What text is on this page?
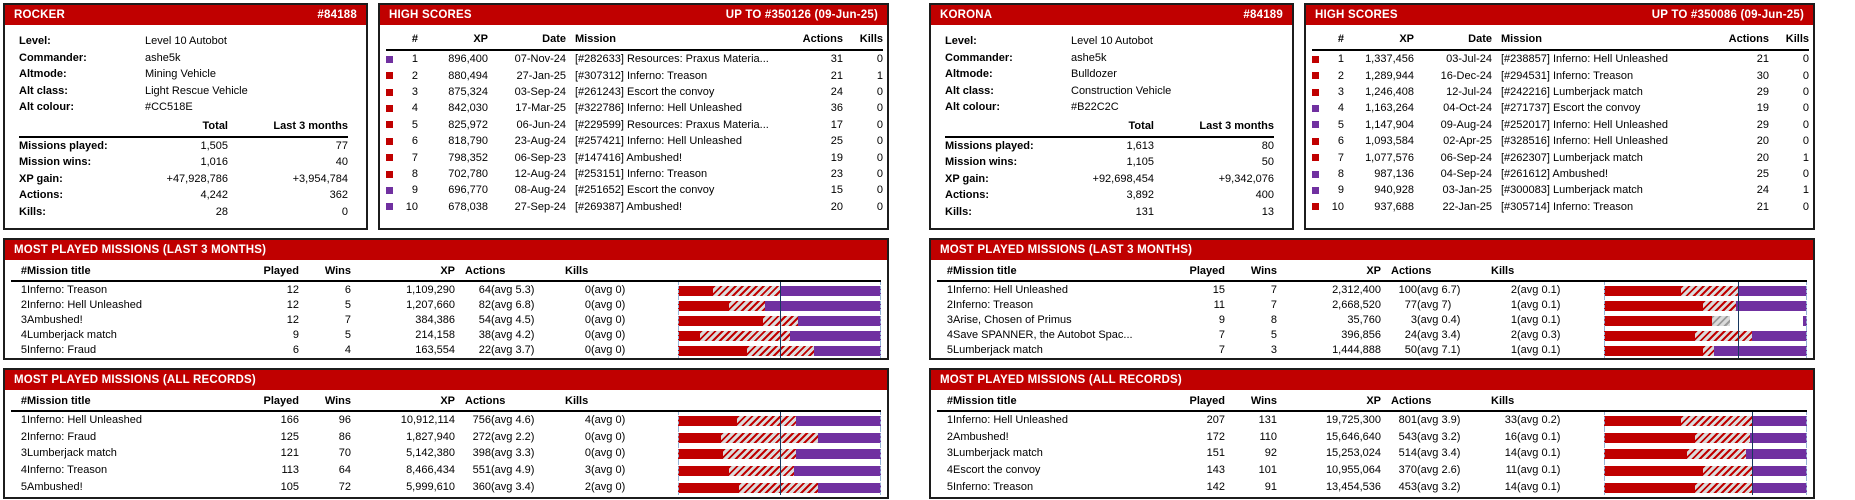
ROCKER	#84188
Level:	Level 10 Autobot
Commander:	ashe5k
Altmode:	Mining Vehicle
Alt class:	Light Rescue Vehicle
Alt colour:	#CC518E
Total	Last 3 months
Missions played:	1,505	77
Mission wins:	1,016	40
XP gain:	+47,928,786	+3,954,784
Actions:	4,242	362
Kills:	28	0
HIGH SCORES	UP TO #350126 (09-Jun-25)
	#	XP	Date	Mission	Actions	Kills
	1	896,400	07-Nov-24	[#282633] Resources: Praxus Materia...	31	0
	2	880,494	27-Jan-25	[#307312] Inferno: Treason	21	1
	3	875,324	03-Sep-24	[#261243] Escort the convoy	24	0
	4	842,030	17-Mar-25	[#322786] Inferno: Hell Unleashed	36	0
	5	825,972	06-Jun-24	[#229599] Resources: Praxus Materia...	17	0
	6	818,790	23-Aug-24	[#257421] Inferno: Hell Unleashed	25	0
	7	798,352	06-Sep-23	[#147416] Ambushed!	19	0
	8	702,780	12-Aug-24	[#253151] Inferno: Treason	23	0
	9	696,770	08-Aug-24	[#251652] Escort the convoy	15	0
	10	678,038	27-Sep-24	[#269387] Ambushed!	20	0
MOST PLAYED MISSIONS (LAST 3 MONTHS)
#	Mission title	Played	Wins	XP	Actions		Kills		
1	Inferno: Treason	12	6	1,109,290	64	(avg 5.3)	0	(avg 0)	

2	Inferno: Hell Unleashed	12	5	1,207,660	82	(avg 6.8)	0	(avg 0)	

3	Ambushed!	12	7	384,386	54	(avg 4.5)	0	(avg 0)	

4	Lumberjack match	9	5	214,158	38	(avg 4.2)	0	(avg 0)	

5	Inferno: Fraud	6	4	163,554	22	(avg 3.7)	0	(avg 0)	
MOST PLAYED MISSIONS (ALL RECORDS)
#	Mission title	Played	Wins	XP	Actions		Kills		
1	Inferno: Hell Unleashed	166	96	10,912,114	756	(avg 4.6)	4	(avg 0)	

2	Inferno: Fraud	125	86	1,827,940	272	(avg 2.2)	0	(avg 0)	

3	Lumberjack match	121	70	5,142,380	398	(avg 3.3)	0	(avg 0)	

4	Inferno: Treason	113	64	8,466,434	551	(avg 4.9)	3	(avg 0)	

5	Ambushed!	105	72	5,999,610	360	(avg 3.4)	2	(avg 0)	
KORONA	#84189
Level:	Level 10 Autobot
Commander:	ashe5k
Altmode:	Bulldozer
Alt class:	Construction Vehicle
Alt colour:	#B22C2C
Total	Last 3 months
Missions played:	1,613	80
Mission wins:	1,105	50
XP gain:	+92,698,454	+9,342,076
Actions:	3,892	400
Kills:	131	13
HIGH SCORES	UP TO #350086 (09-Jun-25)
	#	XP	Date	Mission	Actions	Kills
	1	1,337,456	03-Jul-24	[#238857] Inferno: Hell Unleashed	21	0
	2	1,289,944	16-Dec-24	[#294531] Inferno: Treason	30	0
	3	1,246,408	12-Jul-24	[#242216] Lumberjack match	29	0
	4	1,163,264	04-Oct-24	[#271737] Escort the convoy	19	0
	5	1,147,904	09-Aug-24	[#252017] Inferno: Hell Unleashed	29	0
	6	1,093,584	02-Apr-25	[#328516] Inferno: Hell Unleashed	20	0
	7	1,077,576	06-Sep-24	[#262307] Lumberjack match	20	1
	8	987,136	04-Sep-24	[#261612] Ambushed!	25	0
	9	940,928	03-Jan-25	[#300083] Lumberjack match	24	1
	10	937,688	22-Jan-25	[#305714] Inferno: Treason	21	0
MOST PLAYED MISSIONS (LAST 3 MONTHS)
#	Mission title	Played	Wins	XP	Actions		Kills		
1	Inferno: Hell Unleashed	15	7	2,312,400	100	(avg 6.7)	2	(avg 0.1)	

2	Inferno: Treason	11	7	2,668,520	77	(avg 7)	1	(avg 0.1)	

3	Arise, Chosen of Primus	9	8	35,760	3	(avg 0.4)	1	(avg 0.1)	

4	Save SPANNER, the Autobot Spac...	7	5	396,856	24	(avg 3.4)	2	(avg 0.3)	

5	Lumberjack match	7	3	1,444,888	50	(avg 7.1)	1	(avg 0.1)	
MOST PLAYED MISSIONS (ALL RECORDS)
#	Mission title	Played	Wins	XP	Actions		Kills		
1	Inferno: Hell Unleashed	207	131	19,725,300	801	(avg 3.9)	33	(avg 0.2)	

2	Ambushed!	172	110	15,646,640	543	(avg 3.2)	16	(avg 0.1)	

3	Lumberjack match	151	92	15,253,024	514	(avg 3.4)	14	(avg 0.1)	

4	Escort the convoy	143	101	10,955,064	370	(avg 2.6)	11	(avg 0.1)	

5	Inferno: Treason	142	91	13,454,536	453	(avg 3.2)	14	(avg 0.1)	
